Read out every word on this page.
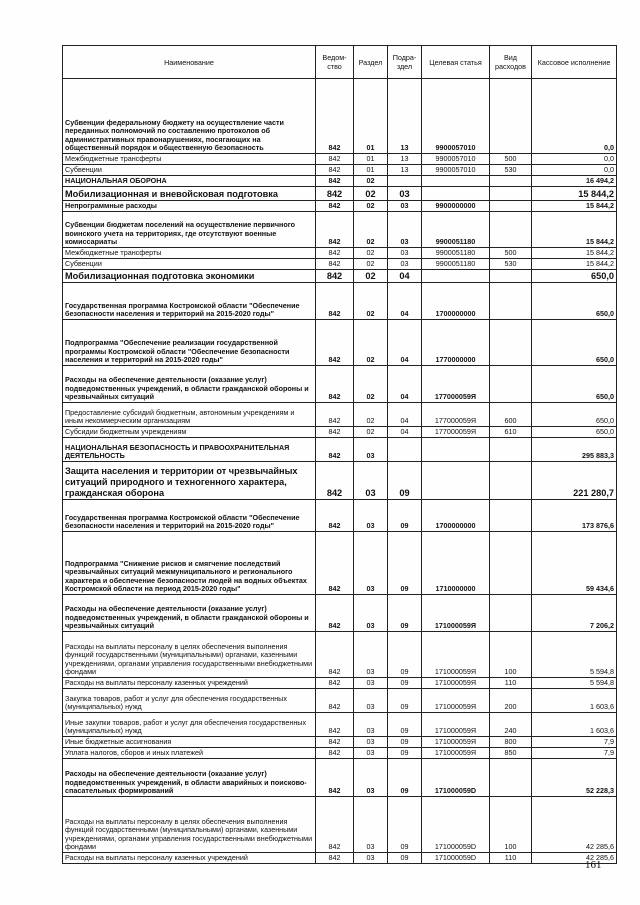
Наименование	Ведом-ство	Раздел	Подра-здел	Целевая статья	Вид расходов	Кассовое исполнение
Субвенции федеральному бюджету на осуществление части переданных полномочий по составлению протоколов об административных правонарушениях, посягающих на общественный порядок и общественную безопасность	842	01	13	9900057010		0,0
Межбюджетные трансферты	842	01	13	9900057010	500	0,0
Субвенции	842	01	13	9900057010	530	0,0
НАЦИОНАЛЬНАЯ ОБОРОНА	842	02				16 494,2
Мобилизационная и вневойсковая подготовка	842	02	03			15 844,2
Непрограммные расходы	842	02	03	9900000000		15 844,2
Субвенции бюджетам поселений на осуществление первичного воинского учета на территориях, где отсутствуют военные комиссариаты	842	02	03	9900051180		15 844,2
Межбюджетные трансферты	842	02	03	9900051180	500	15 844,2
Субвенции	842	02	03	9900051180	530	15 844,2
Мобилизационная подготовка экономики	842	02	04			650,0
Государственная программа Костромской области "Обеспечение безопасности населения и территорий на 2015-2020 годы"	842	02	04	1700000000		650,0
Подпрограмма "Обеспечение реализации государственной программы Костромской области "Обеспечение безопасности населения и территорий на 2015-2020 годы"	842	02	04	1770000000		650,0
Расходы на обеспечение деятельности (оказание услуг) подведомственных учреждений, в области гражданской обороны и чрезвычайных ситуаций	842	02	04	177000059Я		650,0
Предоставление субсидий бюджетным, автономным учреждениям и иным некоммерческим организациям	842	02	04	177000059Я	600	650,0
Субсидии бюджетным учреждениям	842	02	04	177000059Я	610	650,0
НАЦИОНАЛЬНАЯ БЕЗОПАСНОСТЬ И ПРАВООХРАНИТЕЛЬНАЯ ДЕЯТЕЛЬНОСТЬ	842	03				295 883,3
Защита населения и территории от чрезвычайных ситуаций природного и техногенного характера, гражданская оборона	842	03	09			221 280,7
Государственная программа Костромской области "Обеспечение безопасности населения и территорий на 2015-2020 годы"	842	03	09	1700000000		173 876,6
Подпрограмма "Снижение рисков и смягчение последствий чрезвычайных ситуаций межмуниципального и регионального характера и обеспечение безопасности людей на водных объектах Костромской области на период 2015-2020 годы"	842	03	09	1710000000		59 434,6
Расходы на обеспечение деятельности (оказание услуг) подведомственных учреждений, в области гражданской обороны и чрезвычайных ситуаций	842	03	09	171000059Я		7 206,2
Расходы на выплаты персоналу в целях обеспечения выполнения функций государственными (муниципальными) органами, казенными учреждениями, органами управления государственными внебюджетными фондами	842	03	09	171000059Я	100	5 594,8
Расходы на выплаты персоналу казенных учреждений	842	03	09	171000059Я	110	5 594,8
Закупка товаров, работ и услуг для обеспечения государственных (муниципальных) нужд	842	03	09	171000059Я	200	1 603,6
Иные закупки товаров, работ и услуг для обеспечения государственных (муниципальных) нужд	842	03	09	171000059Я	240	1 603,6
Иные бюджетные ассигнования	842	03	09	171000059Я	800	7,9
Уплата налогов, сборов и иных платежей	842	03	09	171000059Я	850	7,9
Расходы на обеспечение деятельности (оказание услуг) подведомственных учреждений, в области аварийных и поисково-спасательных формирований	842	03	09	171000059D		52 228,3
Расходы на выплаты персоналу в целях обеспечения выполнения функций государственными (муниципальными) органами, казенными учреждениями, органами управления государственными внебюджетными фондами	842	03	09	171000059D	100	42 285,6
Расходы на выплаты персоналу казенных учреждений	842	03	09	171000059D	110	42 285,6
161
